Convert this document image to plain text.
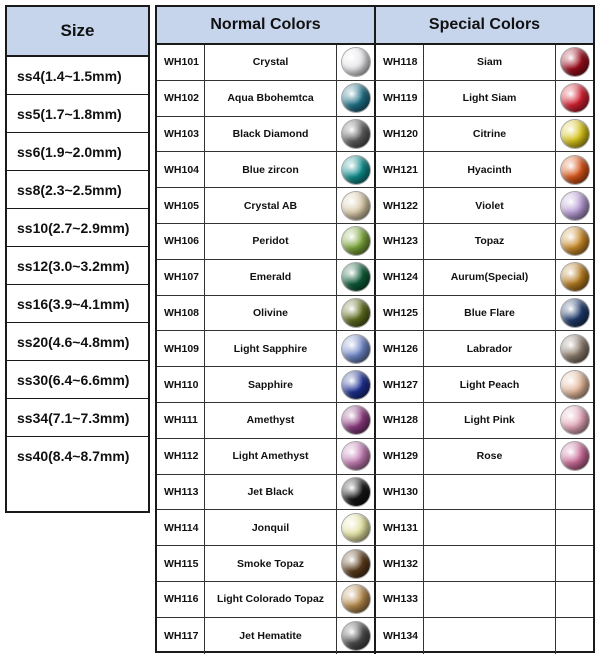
Size
ss4(1.4~1.5mm)
ss5(1.7~1.8mm)
ss6(1.9~2.0mm)
ss8(2.3~2.5mm)
ss10(2.7~2.9mm)
ss12(3.0~3.2mm)
ss16(3.9~4.1mm)
ss20(4.6~4.8mm)
ss30(6.4~6.6mm)
ss34(7.1~7.3mm)
ss40(8.4~8.7mm)
Normal Colors	Special Colors
WH101	Crystal	WH118	Siam
WH102	Aqua Bbohemtca	WH119	Light Siam
WH103	Black Diamond	WH120	Citrine
WH104	Blue zircon	WH121	Hyacinth
WH105	Crystal AB	WH122	Violet
WH106	Peridot	WH123	Topaz
WH107	Emerald	WH124	Aurum(Special)
WH108	Olivine	WH125	Blue Flare
WH109	Light Sapphire	WH126	Labrador
WH110	Sapphire	WH127	Light Peach
WH111	Amethyst	WH128	Light Pink
WH112	Light Amethyst	WH129	Rose
WH113	Jet Black	WH130
WH114	Jonquil	WH131
WH115	Smoke Topaz	WH132
WH116	Light Colorado Topaz	WH133
WH117	Jet Hematite	WH134
